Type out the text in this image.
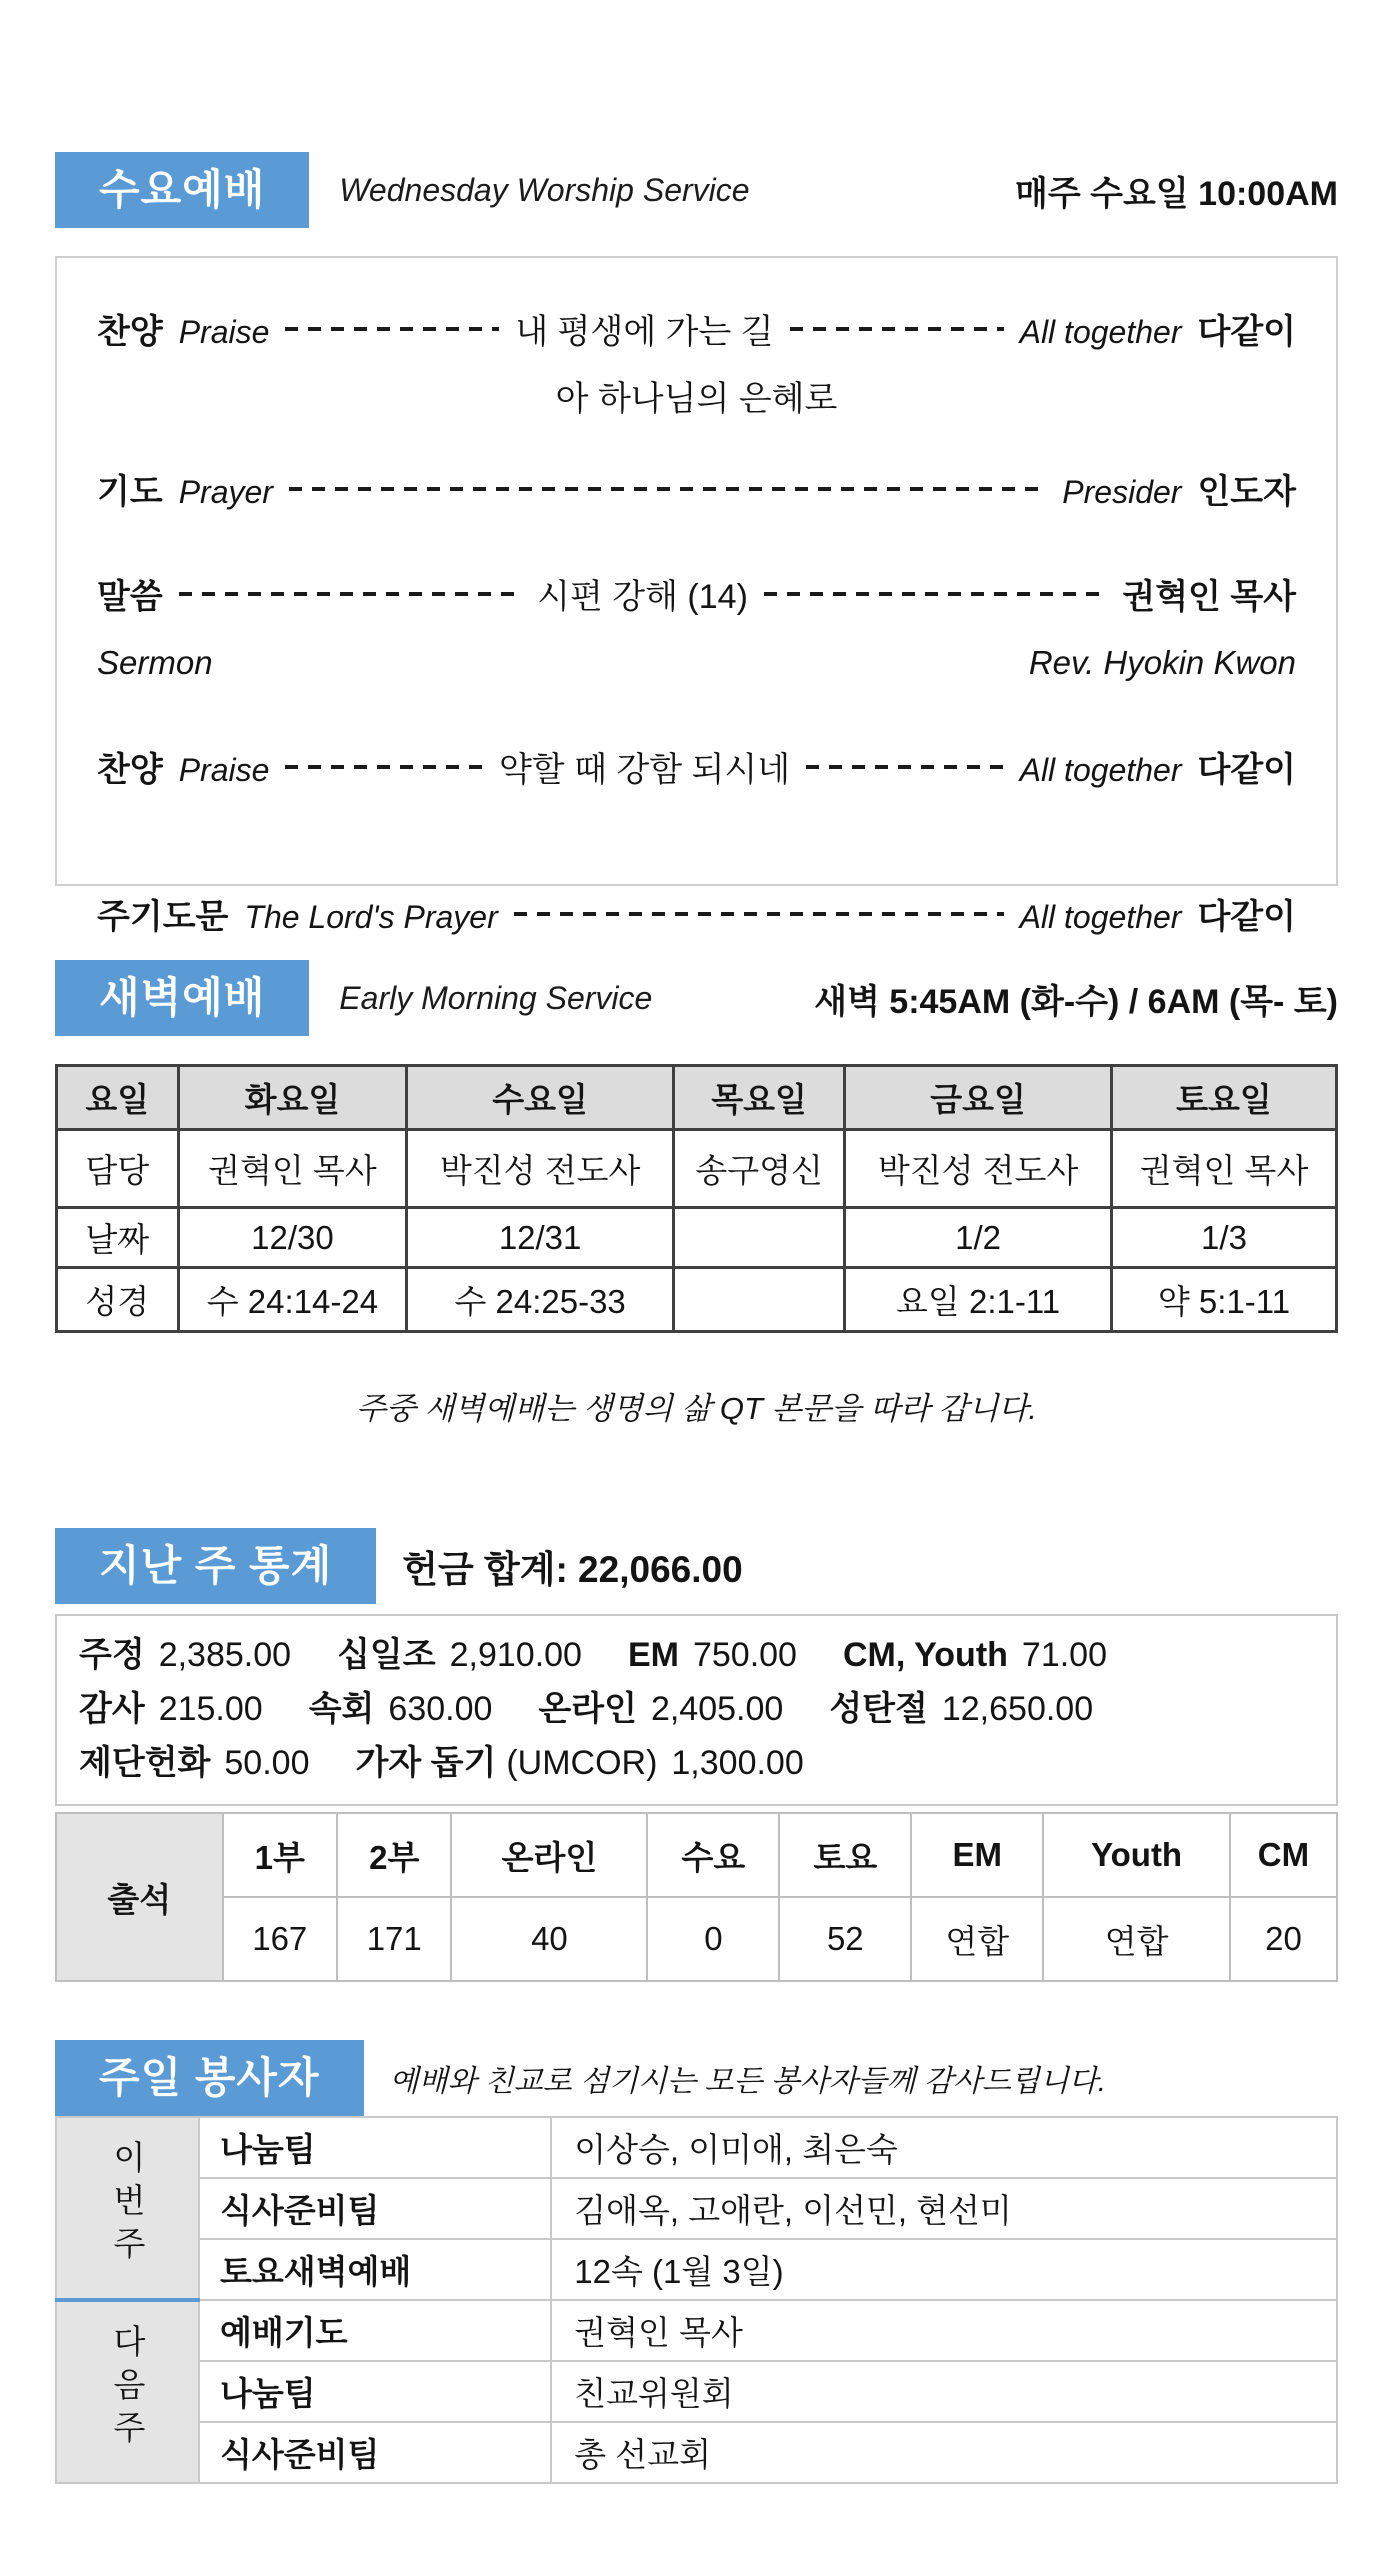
수요예배	Wednesday Worship Service	매주 수요일 10:00AM
찬양 Praise	내 평생에 가는 길	All together 다같이
아 하나님의 은혜로
기도 Prayer	Presider 인도자
말씀	시편 강해 (14)	권혁인 목사
Sermon	Rev. Hyokin Kwon
찬양 Praise	약할 때 강함 되시네	All together 다같이
주기도문 The Lord's Prayer	All together 다같이
새벽예배	Early Morning Service	새벽 5:45AM (화-수) / 6AM (목- 토)
요일	화요일	수요일	목요일	금요일	토요일
담당	권혁인 목사	박진성 전도사	송구영신	박진성 전도사	권혁인 목사
날짜	12/30	12/31		1/2	1/3
성경	수 24:14-24	수 24:25-33		요일 2:1-11	약 5:1-11
주중 새벽예배는 생명의 삶 QT 본문을 따라 갑니다.
지난 주 통계	헌금 합계: 22,066.00
주정 2,385.00 십일조 2,910.00 EM 750.00 CM, Youth 71.00
감사 215.00 속회 630.00 온라인 2,405.00 성탄절 12,650.00
제단헌화 50.00 가자 돕기 (UMCOR) 1,300.00
출석	1부	2부	온라인	수요	토요	EM	Youth	CM
	167	171	40	0	52	연합	연합	20
주일 봉사자	예배와 친교로 섬기시는 모든 봉사자들께 감사드립니다.
이번주	나눔팀	이상승, 이미애, 최은숙
	식사준비팀	김애옥, 고애란, 이선민, 현선미
	토요새벽예배	12속 (1월 3일)
다음주	예배기도	권혁인 목사
	나눔팀	친교위원회
	식사준비팀	총 선교회
